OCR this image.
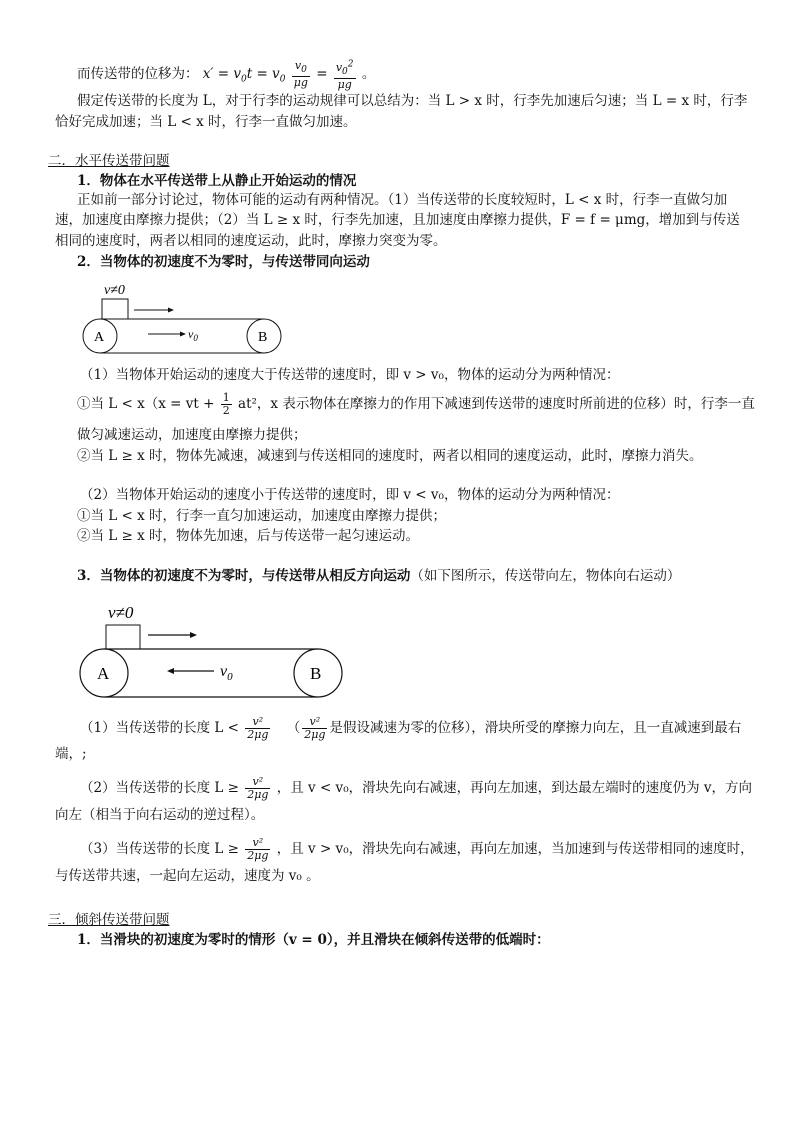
而传送带的位移为： $x' = v_0t = v_0 \frac{v_0}{\mu g} = \frac{v_0^2}{\mu g}$ 。
假定传送带的长度为 L，对于行李的运动规律可以总结为：当 L > x 时，行李先加速后匀速；当 L = x 时，行李
恰好完成加速；当 L < x 时，行李一直做匀加速。
二．水平传送带问题
1．物体在水平传送带上从静止开始运动的情况
正如前一部分讨论过，物体可能的运动有两种情况。（1）当传送带的长度较短时，L < x 时，行李一直做匀加
速，加速度由摩擦力提供；（2）当 L ≥ x 时，行李先加速，且加速度由摩擦力提供，F = f = μmg，增加到与传送
相同的速度时，两者以相同的速度运动，此时，摩擦力突变为零。
2．当物体的初速度不为零时，与传送带同向运动
v≠0
A	B
$v_0$
（1）当物体开始运动的速度大于传送带的速度时，即 v > v₀，物体的运动分为两种情况：
①当 L < x（x = vt + $\frac{1}{2} at^2$，x 表示物体在摩擦力的作用下减速到传送带的速度时所前进的位移）时，行李一直
做匀减速运动，加速度由摩擦力提供；
②当 L ≥ x 时，物体先减速，减速到与传送相同的速度时，两者以相同的速度运动，此时，摩擦力消失。
（2）当物体开始运动的速度小于传送带的速度时，即 v < v₀，物体的运动分为两种情况：
①当 L < x 时，行李一直匀加速运动，加速度由摩擦力提供；
②当 L ≥ x 时，物体先加速，后与传送带一起匀速运动。
3．当物体的初速度不为零时，与传送带从相反方向运动（如下图所示，传送带向左，物体向右运动）
v≠0
A	B
$v_0$
（1）当传送带的长度 $L < \frac{\text{v²}}{2\mu g}$ （ $\frac{\text{v²}}{2\mu g}$ 是假设减速为零的位移），滑块所受的摩擦力向左，且一直减速到最右
端，;
（2）当传送带的长度 $L \ge \frac{\text{v²}}{2\mu g}$ ，且 v < v₀，滑块先向右减速，再向左加速，到达最左端时的速度仍为 v，方向
向左（相当于向右运动的逆过程）。
（3）当传送带的长度 $L \ge \frac{\text{v²}}{2\mu g}$ ，且 v > v₀，滑块先向右减速，再向左加速，当加速到与传送带相同的速度时，
与传送带共速，一起向左运动，速度为 v₀ 。
三．倾斜传送带问题
1．当滑块的初速度为零时的情形（v = 0），并且滑块在倾斜传送带的低端时：
